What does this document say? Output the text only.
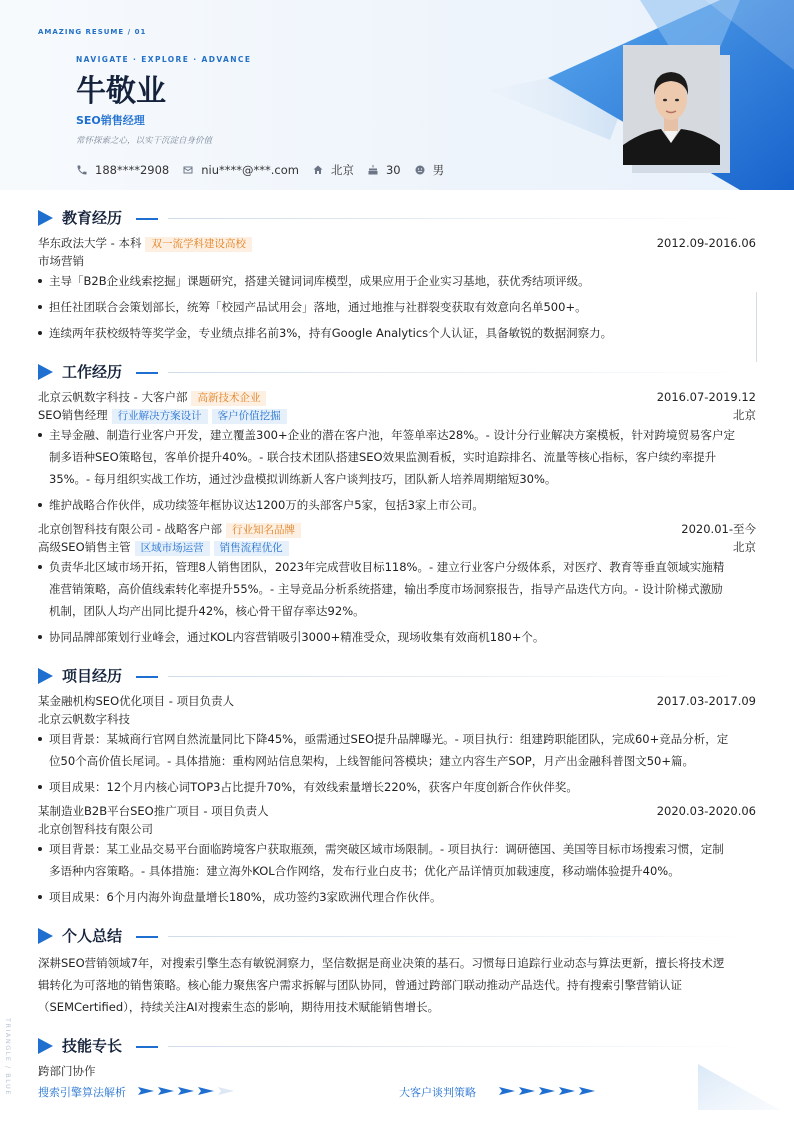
AMAZING RESUME / 01
NAVIGATE · EXPLORE · ADVANCE
牛敬业
SEO销售经理
常怀探索之心，以实干沉淀自身价值
188****2908	niu****@***.com	北京	30	男
教育经历
华东政法大学 - 本科 双一流学科建设高校	2012.09-2016.06
市场营销
主导「B2B企业线索挖掘」课题研究，搭建关键词词库模型，成果应用于企业实习基地，获优秀结项评级。
担任社团联合会策划部长，统筹「校园产品试用会」落地，通过地推与社群裂变获取有效意向名单500+。
连续两年获校级特等奖学金，专业绩点排名前3%，持有Google Analytics个人认证，具备敏锐的数据洞察力。
工作经历
北京云帆数字科技 - 大客户部 高新技术企业	2016.07-2019.12
SEO销售经理 行业解决方案设计 客户价值挖掘	北京
主导金融、制造行业客户开发，建立覆盖300+企业的潜在客户池，年签单率达28%。- 设计分行业解决方案模板，针对跨境贸易客户定
制多语种SEO策略包，客单价提升40%。- 联合技术团队搭建SEO效果监测看板，实时追踪排名、流量等核心指标，客户续约率提升
35%。- 每月组织实战工作坊，通过沙盘模拟训练新人客户谈判技巧，团队新人培养周期缩短30%。
维护战略合作伙伴，成功续签年框协议达1200万的头部客户5家，包括3家上市公司。
北京创智科技有限公司 - 战略客户部 行业知名品牌	2020.01-至今
高级SEO销售主管 区域市场运营 销售流程优化	北京
负责华北区域市场开拓，管理8人销售团队，2023年完成营收目标118%。- 建立行业客户分级体系，对医疗、教育等垂直领域实施精
准营销策略，高价值线索转化率提升55%。- 主导竞品分析系统搭建，输出季度市场洞察报告，指导产品迭代方向。- 设计阶梯式激励
机制，团队人均产出同比提升42%，核心骨干留存率达92%。
协同品牌部策划行业峰会，通过KOL内容营销吸引3000+精准受众，现场收集有效商机180+个。
项目经历
某金融机构SEO优化项目 - 项目负责人	2017.03-2017.09
北京云帆数字科技
项目背景：某城商行官网自然流量同比下降45%，亟需通过SEO提升品牌曝光。- 项目执行：组建跨职能团队，完成60+竞品分析，定
位50个高价值长尾词。- 具体措施：重构网站信息架构，上线智能问答模块；建立内容生产SOP，月产出金融科普图文50+篇。
项目成果：12个月内核心词TOP3占比提升70%，有效线索量增长220%，获客户年度创新合作伙伴奖。
某制造业B2B平台SEO推广项目 - 项目负责人	2020.03-2020.06
北京创智科技有限公司
项目背景：某工业品交易平台面临跨境客户获取瓶颈，需突破区域市场限制。- 项目执行：调研德国、美国等目标市场搜索习惯，定制
多语种内容策略。- 具体措施：建立海外KOL合作网络，发布行业白皮书；优化产品详情页加载速度，移动端体验提升40%。
项目成果：6个月内海外询盘量增长180%，成功签约3家欧洲代理合作伙伴。
个人总结
深耕SEO营销领域7年，对搜索引擎生态有敏锐洞察力，坚信数据是商业决策的基石。习惯每日追踪行业动态与算法更新，擅长将技术逻
辑转化为可落地的销售策略。核心能力聚焦客户需求拆解与团队协同，曾通过跨部门联动推动产品迭代。持有搜索引擎营销认证
（SEMCertified），持续关注AI对搜索生态的影响，期待用技术赋能销售增长。
技能专长
跨部门协作
搜索引擎算法解析	大客户谈判策略
TRIANGLE / BLUE
